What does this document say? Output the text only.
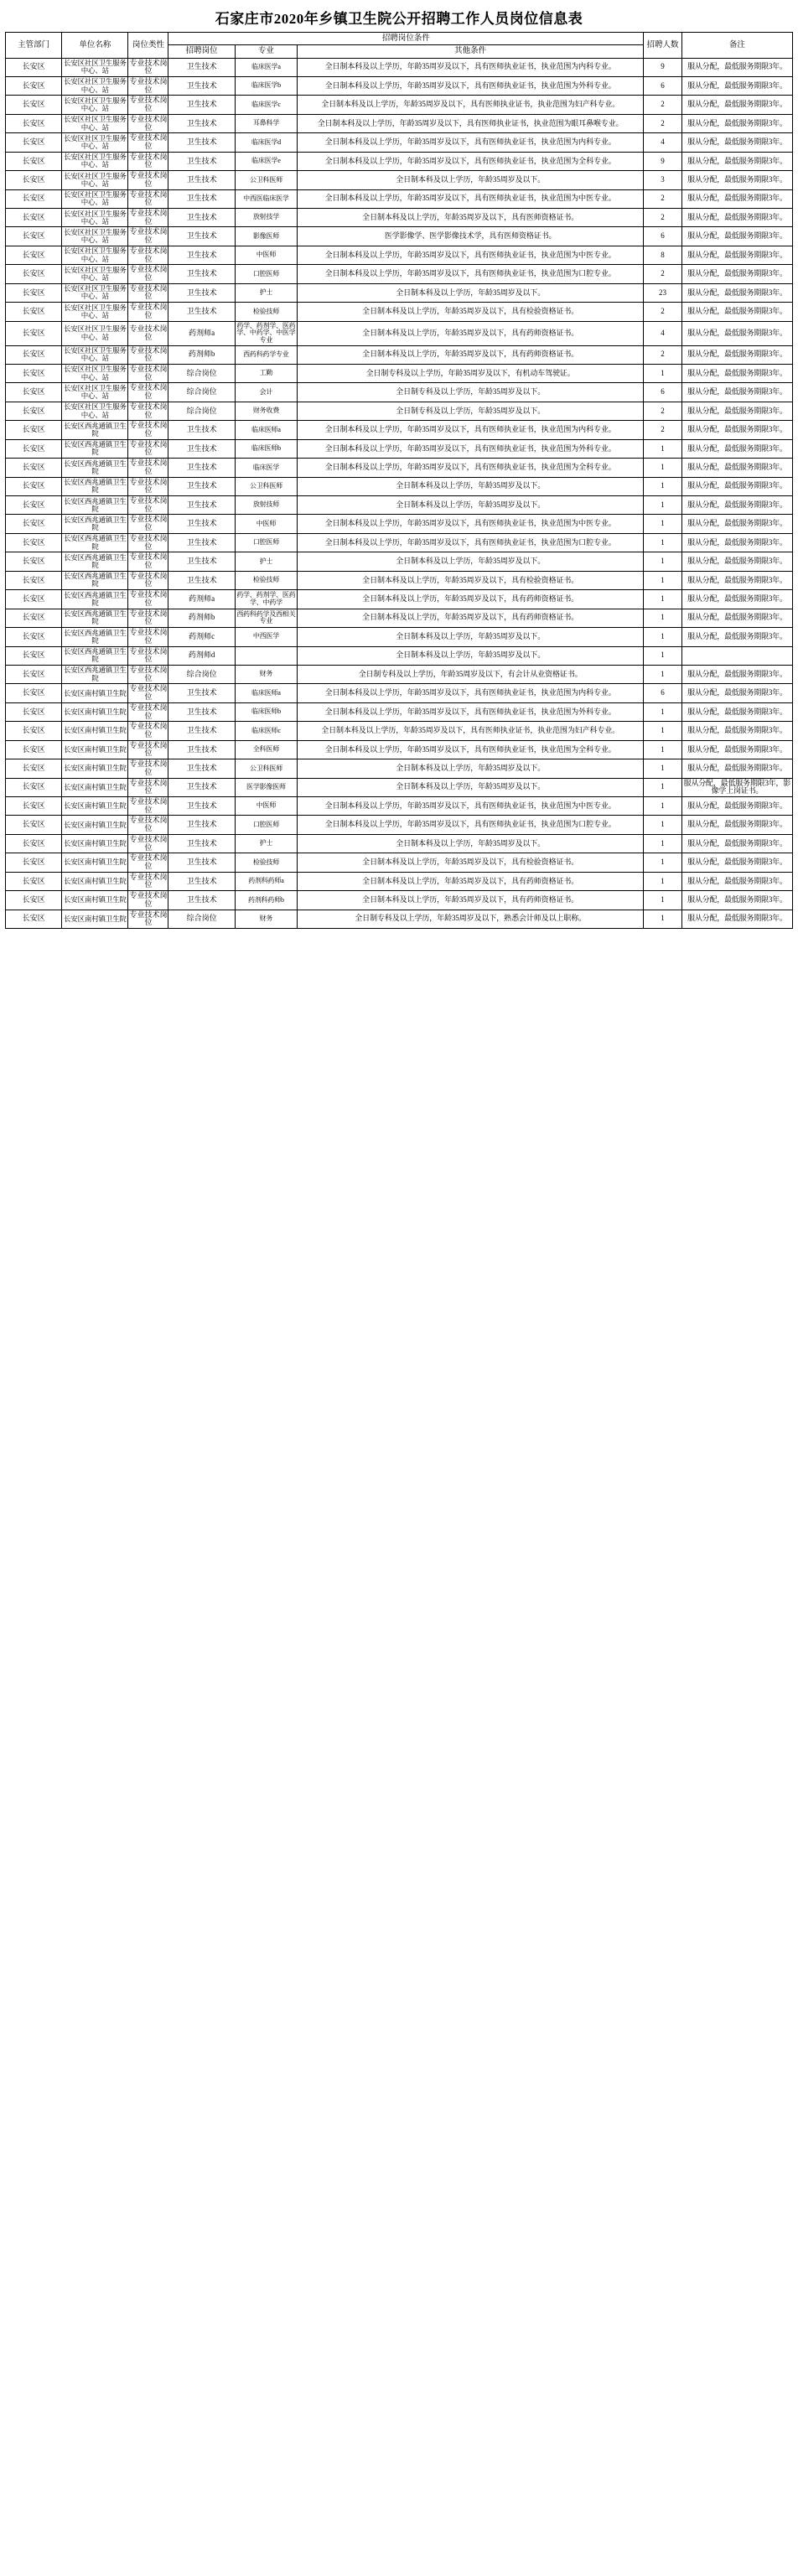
石家庄市2020年乡镇卫生院公开招聘工作人员岗位信息表
主管部门	单位名称	岗位类性	招聘岗位条件			招聘人数	备注
			招聘岗位	专业	其他条件		
长安区	长安区社区卫生服务中心、站	专业技术岗位	卫生技术	临床医学a	全日制本科及以上学历，年龄35周岁及以下，具有医师执业证书，执业范围为内科专业。	9	服从分配，最低服务期限3年。
长安区	长安区社区卫生服务中心、站	专业技术岗位	卫生技术	临床医学b	全日制本科及以上学历，年龄35周岁及以下，具有医师执业证书，执业范围为外科专业。	6	服从分配，最低服务期限3年。
长安区	长安区社区卫生服务中心、站	专业技术岗位	卫生技术	临床医学c	全日制本科及以上学历，年龄35周岁及以下，具有医师执业证书，执业范围为妇产科专业。	2	服从分配，最低服务期限3年。
长安区	长安区社区卫生服务中心、站	专业技术岗位	卫生技术	耳鼻科学	全日制本科及以上学历，年龄35周岁及以下，具有医师执业证书，执业范围为眼耳鼻喉专业。	2	服从分配，最低服务期限3年。
长安区	长安区社区卫生服务中心、站	专业技术岗位	卫生技术	临床医学d	全日制本科及以上学历，年龄35周岁及以下，具有医师执业证书，执业范围为内科专业。	4	服从分配，最低服务期限3年。
长安区	长安区社区卫生服务中心、站	专业技术岗位	卫生技术	临床医学e	全日制本科及以上学历，年龄35周岁及以下，具有医师执业证书，执业范围为全科专业。	9	服从分配，最低服务期限3年。
长安区	长安区社区卫生服务中心、站	专业技术岗位	卫生技术	公卫科医师	全日制本科及以上学历，年龄35周岁及以下。	3	服从分配，最低服务期限3年。
长安区	长安区社区卫生服务中心、站	专业技术岗位	卫生技术	中西医临床医学	全日制本科及以上学历，年龄35周岁及以下，具有医师执业证书，执业范围为中医专业。	2	服从分配，最低服务期限3年。
长安区	长安区社区卫生服务中心、站	专业技术岗位	卫生技术	放射技学	全日制本科及以上学历，年龄35周岁及以下，具有医师资格证书。	2	服从分配，最低服务期限3年。
长安区	长安区社区卫生服务中心、站	专业技术岗位	卫生技术	影像医师	医学影像学、医学影像技术学，具有医师资格证书。	6	服从分配，最低服务期限3年。
长安区	长安区社区卫生服务中心、站	专业技术岗位	卫生技术	中医师	全日制本科及以上学历，年龄35周岁及以下，具有医师执业证书，执业范围为中医专业。	8	服从分配，最低服务期限3年。
长安区	长安区社区卫生服务中心、站	专业技术岗位	卫生技术	口腔医师	全日制本科及以上学历，年龄35周岁及以下，具有医师执业证书，执业范围为口腔专业。	2	服从分配，最低服务期限3年。
长安区	长安区社区卫生服务中心、站	专业技术岗位	卫生技术	护士	全日制本科及以上学历，年龄35周岁及以下。	23	服从分配，最低服务期限3年。
长安区	长安区社区卫生服务中心、站	专业技术岗位	卫生技术	检验技师	全日制本科及以上学历，年龄35周岁及以下，具有检验资格证书。	2	服从分配，最低服务期限3年。
长安区	长安区社区卫生服务中心、站	专业技术岗位	药剂师a	药学、药剂学、医药学、中药学、中医学专业	全日制本科及以上学历，年龄35周岁及以下，具有药师资格证书。	4	服从分配，最低服务期限3年。
长安区	长安区社区卫生服务中心、站	专业技术岗位	药剂师b	西药科药学专业	全日制本科及以上学历，年龄35周岁及以下，具有药师资格证书。	2	服从分配，最低服务期限3年。
长安区	长安区社区卫生服务中心、站	专业技术岗位	综合岗位	工勤	全日制专科及以上学历，年龄35周岁及以下，有机动车驾驶证。	1	服从分配，最低服务期限3年。
长安区	长安区社区卫生服务中心、站	专业技术岗位	综合岗位	会计	全日制专科及以上学历，年龄35周岁及以下。	6	服从分配，最低服务期限3年。
长安区	长安区社区卫生服务中心、站	专业技术岗位	综合岗位	财务收费	全日制专科及以上学历，年龄35周岁及以下。	2	服从分配，最低服务期限3年。
长安区	长安区西兆通镇卫生院	专业技术岗位	卫生技术	临床医师a	全日制本科及以上学历，年龄35周岁及以下，具有医师执业证书，执业范围为内科专业。	2	服从分配，最低服务期限3年。
长安区	长安区西兆通镇卫生院	专业技术岗位	卫生技术	临床医师b	全日制本科及以上学历，年龄35周岁及以下，具有医师执业证书，执业范围为外科专业。	1	服从分配，最低服务期限3年。
长安区	长安区西兆通镇卫生院	专业技术岗位	卫生技术	临床医学	全日制本科及以上学历，年龄35周岁及以下，具有医师执业证书，执业范围为全科专业。	1	服从分配，最低服务期限3年。
长安区	长安区西兆通镇卫生院	专业技术岗位	卫生技术	公卫科医师	全日制本科及以上学历，年龄35周岁及以下。	1	服从分配，最低服务期限3年。
长安区	长安区西兆通镇卫生院	专业技术岗位	卫生技术	放射技师	全日制本科及以上学历，年龄35周岁及以下。	1	服从分配，最低服务期限3年。
长安区	长安区西兆通镇卫生院	专业技术岗位	卫生技术	中医师	全日制本科及以上学历，年龄35周岁及以下，具有医师执业证书，执业范围为中医专业。	1	服从分配，最低服务期限3年。
长安区	长安区西兆通镇卫生院	专业技术岗位	卫生技术	口腔医师	全日制本科及以上学历，年龄35周岁及以下，具有医师执业证书，执业范围为口腔专业。	1	服从分配，最低服务期限3年。
长安区	长安区西兆通镇卫生院	专业技术岗位	卫生技术	护士	全日制本科及以上学历，年龄35周岁及以下。	1	服从分配，最低服务期限3年。
长安区	长安区西兆通镇卫生院	专业技术岗位	卫生技术	检验技师	全日制本科及以上学历，年龄35周岁及以下，具有检验资格证书。	1	服从分配，最低服务期限3年。
长安区	长安区西兆通镇卫生院	专业技术岗位	药剂师a	药学、药剂学、医药学、中药学	全日制本科及以上学历，年龄35周岁及以下，具有药师资格证书。	1	服从分配，最低服务期限3年。
长安区	长安区西兆通镇卫生院	专业技术岗位	药剂师b	西药科药学及西相关专业	全日制本科及以上学历，年龄35周岁及以下，具有药师资格证书。	1	服从分配，最低服务期限3年。
长安区	长安区西兆通镇卫生院	专业技术岗位	药剂师c	中西医学	全日制本科及以上学历，年龄35周岁及以下。	1	服从分配，最低服务期限3年。
长安区	长安区西兆通镇卫生院	专业技术岗位	药剂师d		全日制本科及以上学历，年龄35周岁及以下。	1	
长安区	长安区西兆通镇卫生院	专业技术岗位	综合岗位	财务	全日制专科及以上学历，年龄35周岁及以下，有会计从业资格证书。	1	服从分配，最低服务期限3年。
长安区	长安区南村镇卫生院	专业技术岗位	卫生技术	临床医师a	全日制本科及以上学历，年龄35周岁及以下，具有医师执业证书，执业范围为内科专业。	6	服从分配，最低服务期限3年。
长安区	长安区南村镇卫生院	专业技术岗位	卫生技术	临床医师b	全日制本科及以上学历，年龄35周岁及以下，具有医师执业证书，执业范围为外科专业。	1	服从分配，最低服务期限3年。
长安区	长安区南村镇卫生院	专业技术岗位	卫生技术	临床医师c	全日制本科及以上学历，年龄35周岁及以下，具有医师执业证书，执业范围为妇产科专业。	1	服从分配，最低服务期限3年。
长安区	长安区南村镇卫生院	专业技术岗位	卫生技术	全科医师	全日制本科及以上学历，年龄35周岁及以下，具有医师执业证书，执业范围为全科专业。	1	服从分配，最低服务期限3年。
长安区	长安区南村镇卫生院	专业技术岗位	卫生技术	公卫科医师	全日制本科及以上学历，年龄35周岁及以下。	1	服从分配，最低服务期限3年。
长安区	长安区南村镇卫生院	专业技术岗位	卫生技术	医学影像医师	全日制本科及以上学历，年龄35周岁及以下。	1	服从分配，最低服务期限3年，影像学上岗证书。
长安区	长安区南村镇卫生院	专业技术岗位	卫生技术	中医师	全日制本科及以上学历，年龄35周岁及以下，具有医师执业证书，执业范围为中医专业。	1	服从分配，最低服务期限3年。
长安区	长安区南村镇卫生院	专业技术岗位	卫生技术	口腔医师	全日制本科及以上学历，年龄35周岁及以下，具有医师执业证书，执业范围为口腔专业。	1	服从分配，最低服务期限3年。
长安区	长安区南村镇卫生院	专业技术岗位	卫生技术	护士	全日制本科及以上学历，年龄35周岁及以下。	1	服从分配，最低服务期限3年。
长安区	长安区南村镇卫生院	专业技术岗位	卫生技术	检验技师	全日制本科及以上学历，年龄35周岁及以下，具有检验资格证书。	1	服从分配，最低服务期限3年。
长安区	长安区南村镇卫生院	专业技术岗位	卫生技术	药剂科药师a	全日制本科及以上学历，年龄35周岁及以下，具有药师资格证书。	1	服从分配，最低服务期限3年。
长安区	长安区南村镇卫生院	专业技术岗位	卫生技术	药剂科药师b	全日制本科及以上学历，年龄35周岁及以下，具有药师资格证书。	1	服从分配，最低服务期限3年。
长安区	长安区南村镇卫生院	专业技术岗位	综合岗位	财务	全日制专科及以上学历，年龄35周岁及以下，熟悉会计师及以上职称。	1	服从分配，最低服务期限3年。
